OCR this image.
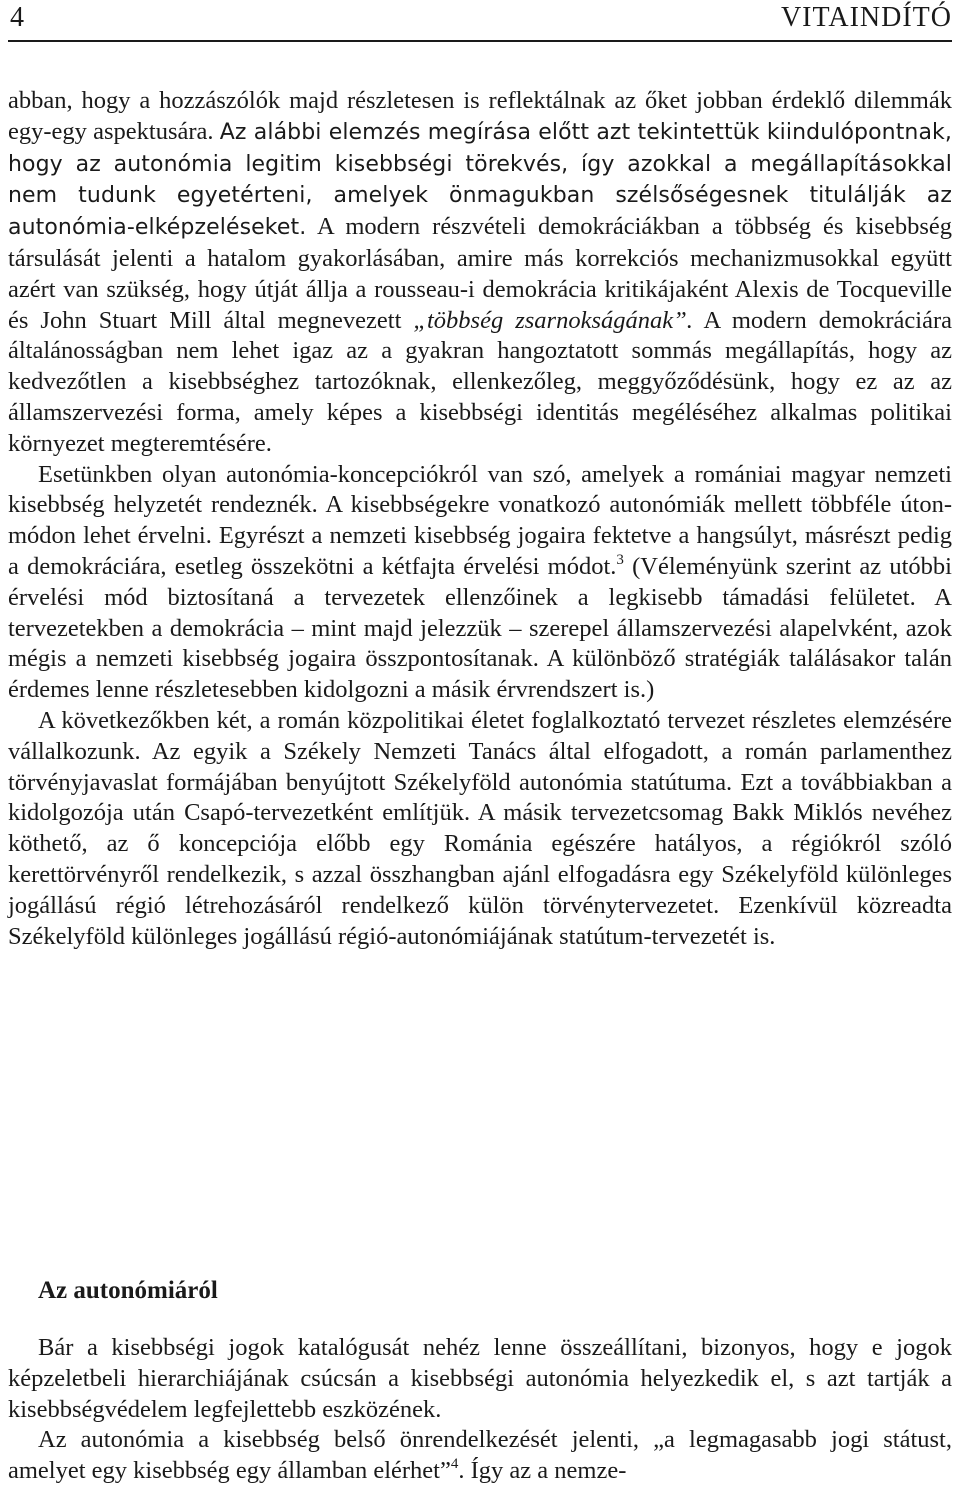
4	VITAINDÍTÓ

abban, hogy a hozzászólók majd részletesen is reflektálnak az őket jobban érdeklő dilemmák egy-egy aspektusára. Az alábbi elemzés megírása előtt azt tekintettük kiindulópontnak, hogy az autonómia legitim kisebbségi törekvés, így azokkal a megállapításokkal nem tudunk egyetérteni, amelyek önmagukban szélsőségesnek titulálják az autonómia-elképzeléseket. A modern részvételi demokráciákban a többség és kisebbség társulását jelenti a hatalom gyakorlásában, amire más korrekciós mechanizmusokkal együtt azért van szükség, hogy útját állja a rousseau-i demokrácia kritikájaként Alexis de Tocqueville és John Stuart Mill által megnevezett „többség zsarnokságának”. A modern demokráciára általánosságban nem lehet igaz az a gyakran hangoztatott sommás megállapítás, hogy az kedvezőtlen a kisebbséghez tartozóknak, ellenkezőleg, meggyőződésünk, hogy ez az az államszervezési forma, amely képes a kisebbségi identitás megéléséhez alkalmas politikai környezet megteremtésére.

Esetünkben olyan autonómia-koncepciókról van szó, amelyek a romániai magyar nemzeti kisebbség helyzetét rendeznék. A kisebbségekre vonatkozó autonómiák mellett többféle úton-módon lehet érvelni. Egyrészt a nemzeti kisebbség jogaira fektetve a hangsúlyt, másrészt pedig a demokráciára, esetleg összekötni a kétfajta érvelési módot.$^3$ (Véleményünk szerint az utóbbi érvelési mód biztosítaná a tervezetek ellenzőinek a legkisebb támadási felületet. A tervezetekben a demokrácia – mint majd jelezzük – szerepel államszervezési alapelvként, azok mégis a nemzeti kisebbség jogaira összpontosítanak. A különböző stratégiák találásakor talán érdemes lenne részletesebben kidolgozni a másik érvrendszert is.)

A következőkben két, a román közpolitikai életet foglalkoztató tervezet részletes elemzésére vállalkozunk. Az egyik a Székely Nemzeti Tanács által elfogadott, a román parlamenthez törvényjavaslat formájában benyújtott Székelyföld autonómia statútuma. Ezt a továbbiakban a kidolgozója után Csapó-tervezetként említjük. A másik tervezetcsomag Bakk Miklós nevéhez köthető, az ő koncepciója előbb egy Románia egészére hatályos, a régiókról szóló kerettörvényről rendelkezik, s azzal összhangban ajánl elfogadásra egy Székelyföld különleges jogállású régió létrehozásáról rendelkező külön törvénytervezetet. Ezenkívül közreadta Székelyföld különleges jogállású régió-autonómiájának statútum-tervezetét is.

Az autonómiáról

Bár a kisebbségi jogok katalógusát nehéz lenne összeállítani, bizonyos, hogy e jogok képzeletbeli hierarchiájának csúcsán a kisebbségi autonómia helyezkedik el, s azt tartják a kisebbségvédelem legfejlettebb eszközének.

Az autonómia a kisebbség belső önrendelkezését jelenti, „a legmagasabb jogi státust, amelyet egy kisebbség egy államban elérhet”$^4$. Így az a nemze-
